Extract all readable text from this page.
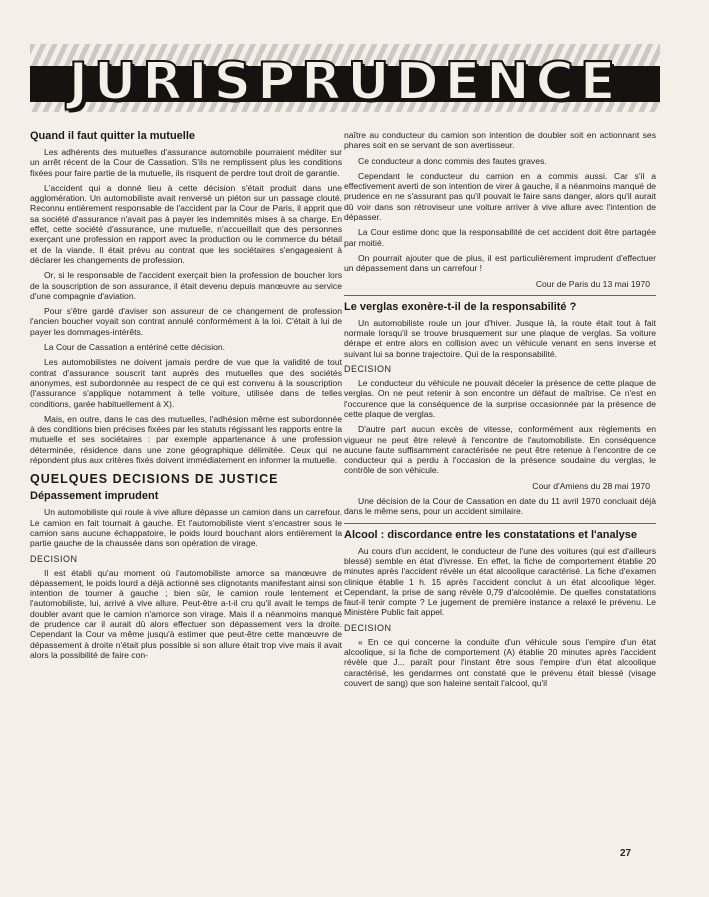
JURISPRUDENCE
Quand il faut quitter la mutuelle

Les adhérents des mutuelles d'assurance automobile pourraient méditer sur un arrêt récent de la Cour de Cassation. S'ils ne remplissent plus les conditions fixées pour faire partie de la mutuelle, ils risquent de perdre tout droit de garantie.

L'accident qui a donné lieu à cette décision s'était produit dans une agglomération. Un automobiliste avait renversé un piéton sur un passage clouté. Reconnu entièrement responsable de l'accident par la Cour de Paris, il apprit que sa société d'assurance n'avait pas à payer les indemnités mises à sa charge. En effet, cette société d'assurance, une mutuelle, n'accueillait que des personnes exerçant une profession en rapport avec la production ou le commerce du bétail et de la viande. Il était prévu au contrat que les sociétaires s'engageaient à déclarer les changements de profession.

Or, si le responsable de l'accident exerçait bien la profession de boucher lors de la souscription de son assurance, il était devenu depuis manœuvre au service d'une compagnie d'aviation.

Pour s'être gardé d'aviser son assureur de ce changement de profession l'ancien boucher voyait son contrat annulé conformément à la loi. C'était à lui de payer les dommages-intérêts.

La Cour de Cassation a entériné cette décision.

Les automobilistes ne doivent jamais perdre de vue que la validité de tout contrat d'assurance souscrit tant auprès des mutuelles que des sociétés anonymes, est subordonnée au respect de ce qui est convenu à la souscription (l'assurance s'applique notamment à telle voiture, utilisée dans de telles conditions, garée habituellement à X).

Mais, en outre, dans le cas des mutuelles, l'adhésion même est subordonnée à des conditions bien précises fixées par les statuts régissant les rapports entre la mutuelle et ses sociétaires : par exemple appartenance à une profession déterminée, résidence dans une zone géographique délimitée. Ceux qui ne répondent plus aux critères fixés doivent immédiatement en informer la mutuelle.

QUELQUES DECISIONS DE JUSTICE
Dépassement imprudent

Un automobiliste qui roule à vive allure dépasse un camion dans un carrefour. Le camion en fait tournait à gauche. Et l'automobiliste vient s'encastrer sous le camion sans aucune échappatoire, le poids lourd bouchant alors entièrement la partie gauche de la chaussée dans son opération de virage.

DECISION

Il est établi qu'au moment où l'automobiliste amorce sa manœuvre de dépassement, le poids lourd a déjà actionné ses clignotants manifestant ainsi son intention de tourner à gauche ; bien sûr, le camion roule lentement et l'automobiliste, lui, arrivé à vive allure. Peut-être a-t-il cru qu'il avait le temps de doubler avant que le camion n'amorce son virage. Mais il a néanmoins manqué de prudence car il aurait dû alors effectuer son dépassement vers la droite. Cependant la Cour va même jusqu'à estimer que peut-être cette manœuvre de dépassement à droite n'était plus possible si son allure était trop vive mais il avait alors la possibilité de faire con-

naître au conducteur du camion son intention de doubler soit en actionnant ses phares soit en se servant de son avertisseur.

Ce conducteur a donc commis des fautes graves.

Cependant le conducteur du camion en a commis aussi. Car s'il a effectivement averti de son intention de virer à gauche, il a néanmoins manqué de prudence en ne s'assurant pas qu'il pouvait le faire sans danger, alors qu'il aurait dû voir dans son rétroviseur une voiture arriver à vive allure avec l'intention de dépasser.

La Cour estime donc que la responsabilité de cet accident doit être partagée par moitié.

On pourrait ajouter que de plus, il est particulièrement imprudent d'effectuer un dépassement dans un carrefour !

Cour de Paris du 13 mai 1970

Le verglas exonère-t-il de la responsabilité ?

Un automobiliste roule un jour d'hiver. Jusque là, la route était tout à fait normale lorsqu'il se trouve brusquement sur une plaque de verglas. Sa voiture dérape et entre alors en collision avec un véhicule venant en sens inverse et suivant lui sa bonne trajectoire. Qui de la responsabilité.

DECISION

Le conducteur du véhicule ne pouvait déceler la présence de cette plaque de verglas. On ne peut retenir à son encontre un défaut de maîtrise. Ce n'est en l'occurence que la conséquence de la surprise occasionnée par la présence de cette plaque de verglas.

D'autre part aucun excès de vitesse, conformément aux règlements en vigueur ne peut être relevé à l'encontre de l'automobiliste. En conséquence aucune faute suffisamment caractérisée ne peut être retenue à l'encontre de ce conducteur qui a perdu à l'occasion de la présence soudaine du verglas, le contrôle de son véhicule.

Cour d'Amiens du 28 mai 1970

Une décision de la Cour de Cassation en date du 11 avril 1970 concluait déjà dans le même sens, pour un accident similaire.

Alcool : discordance entre les constatations et l'analyse

Au cours d'un accident, le conducteur de l'une des voitures (qui est d'ailleurs blessé) semble en état d'ivresse. En effet, la fiche de comportement établie 20 minutes après l'accident révèle un état alcoolique caractérisé. La fiche d'examen clinique établie 1 h. 15 après l'accident conclut à un état alcoolique léger. Cependant, la prise de sang révèle 0,79 d'alcoolémie. De quelles constatations faut-il tenir compte ? Le jugement de première instance a relaxé le prévenu. Le Ministère Public fait appel.

DECISION

« En ce qui concerne la conduite d'un véhicule sous l'empire d'un état alcoolique, si la fiche de comportement (A) établie 20 minutes après l'accident révèle que J... paraît pour l'instant être sous l'empire d'un état alcoolique caractérisé, les gendarmes ont constaté que le prévenu était blessé (visage couvert de sang) que son haleine sentait l'alcool, qu'il

27
